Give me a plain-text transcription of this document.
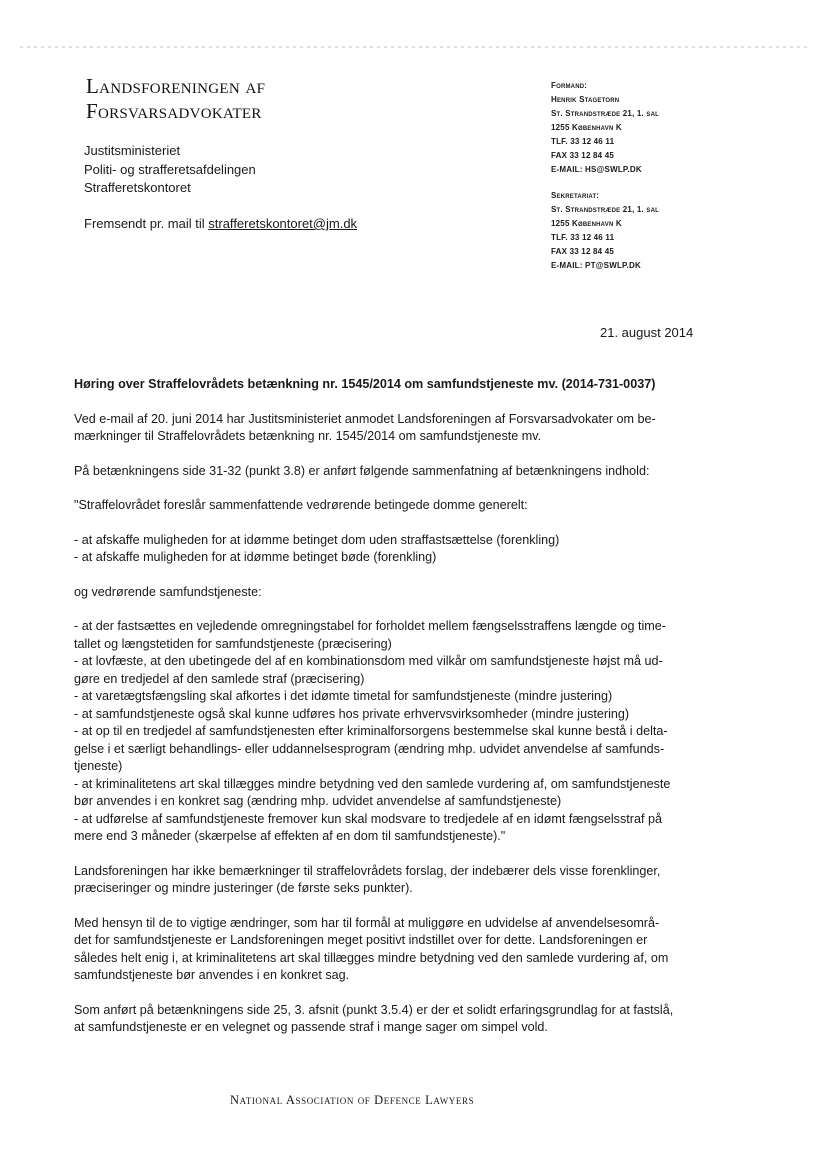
Landsforeningen af
Forsvarsadvokater
Justitsministeriet
Politi- og strafferetsafdelingen
Strafferetskontoret
Fremsendt pr. mail til strafferetskontoret@jm.dk
Formand:
Henrik Stagetorn
St. Strandstræde 21, 1. sal
1255 København K
TLF. 33 12 46 11
FAX 33 12 84 45
E-MAIL: HS@SWLP.DK
Sekretariat:
St. Strandstræde 21, 1. sal
1255 København K
TLF. 33 12 46 11
FAX 33 12 84 45
E-MAIL: PT@SWLP.DK
21. august 2014

Høring over Straffelovrådets betænkning nr. 1545/2014 om samfundstjeneste mv. (2014-731-0037)

Ved e-mail af 20. juni 2014 har Justitsministeriet anmodet Landsforeningen af Forsvarsadvokater om be-

mærkninger til Straffelovrådets betænkning nr. 1545/2014 om samfundstjeneste mv.

På betænkningens side 31-32 (punkt 3.8) er anført følgende sammenfatning af betænkningens indhold:

"Straffelovrådet foreslår sammenfattende vedrørende betingede domme generelt:

- at afskaffe muligheden for at idømme betinget dom uden straffastsættelse (forenkling)

- at afskaffe muligheden for at idømme betinget bøde (forenkling)

og vedrørende samfundstjeneste:

- at der fastsættes en vejledende omregningstabel for forholdet mellem fængselsstraffens længde og time-

tallet og længstetiden for samfundstjeneste (præcisering)

- at lovfæste, at den ubetingede del af en kombinationsdom med vilkår om samfundstjeneste højst må ud-

gøre en tredjedel af den samlede straf (præcisering)

- at varetægtsfængsling skal afkortes i det idømte timetal for samfundstjeneste (mindre justering)

- at samfundstjeneste også skal kunne udføres hos private erhvervsvirksomheder (mindre justering)

- at op til en tredjedel af samfundstjenesten efter kriminalforsorgens bestemmelse skal kunne bestå i delta-

gelse i et særligt behandlings- eller uddannelsesprogram (ændring mhp. udvidet anvendelse af samfunds-

tjeneste)

- at kriminalitetens art skal tillægges mindre betydning ved den samlede vurdering af, om samfundstjeneste

bør anvendes i en konkret sag (ændring mhp. udvidet anvendelse af samfundstjeneste)

- at udførelse af samfundstjeneste fremover kun skal modsvare to tredjedele af en idømt fængselsstraf på

mere end 3 måneder (skærpelse af effekten af en dom til samfundstjeneste)."

Landsforeningen har ikke bemærkninger til straffelovrådets forslag, der indebærer dels visse forenklinger,

præciseringer og mindre justeringer (de første seks punkter).

Med hensyn til de to vigtige ændringer, som har til formål at muliggøre en udvidelse af anvendelsesområ-

det for samfundstjeneste er Landsforeningen meget positivt indstillet over for dette. Landsforeningen er

således helt enig i, at kriminalitetens art skal tillægges mindre betydning ved den samlede vurdering af, om

samfundstjeneste bør anvendes i en konkret sag.

Som anført på betænkningens side 25, 3. afsnit (punkt 3.5.4) er der et solidt erfaringsgrundlag for at fastslå,

at samfundstjeneste er en velegnet og passende straf i mange sager om simpel vold.

National Association of Defence Lawyers
